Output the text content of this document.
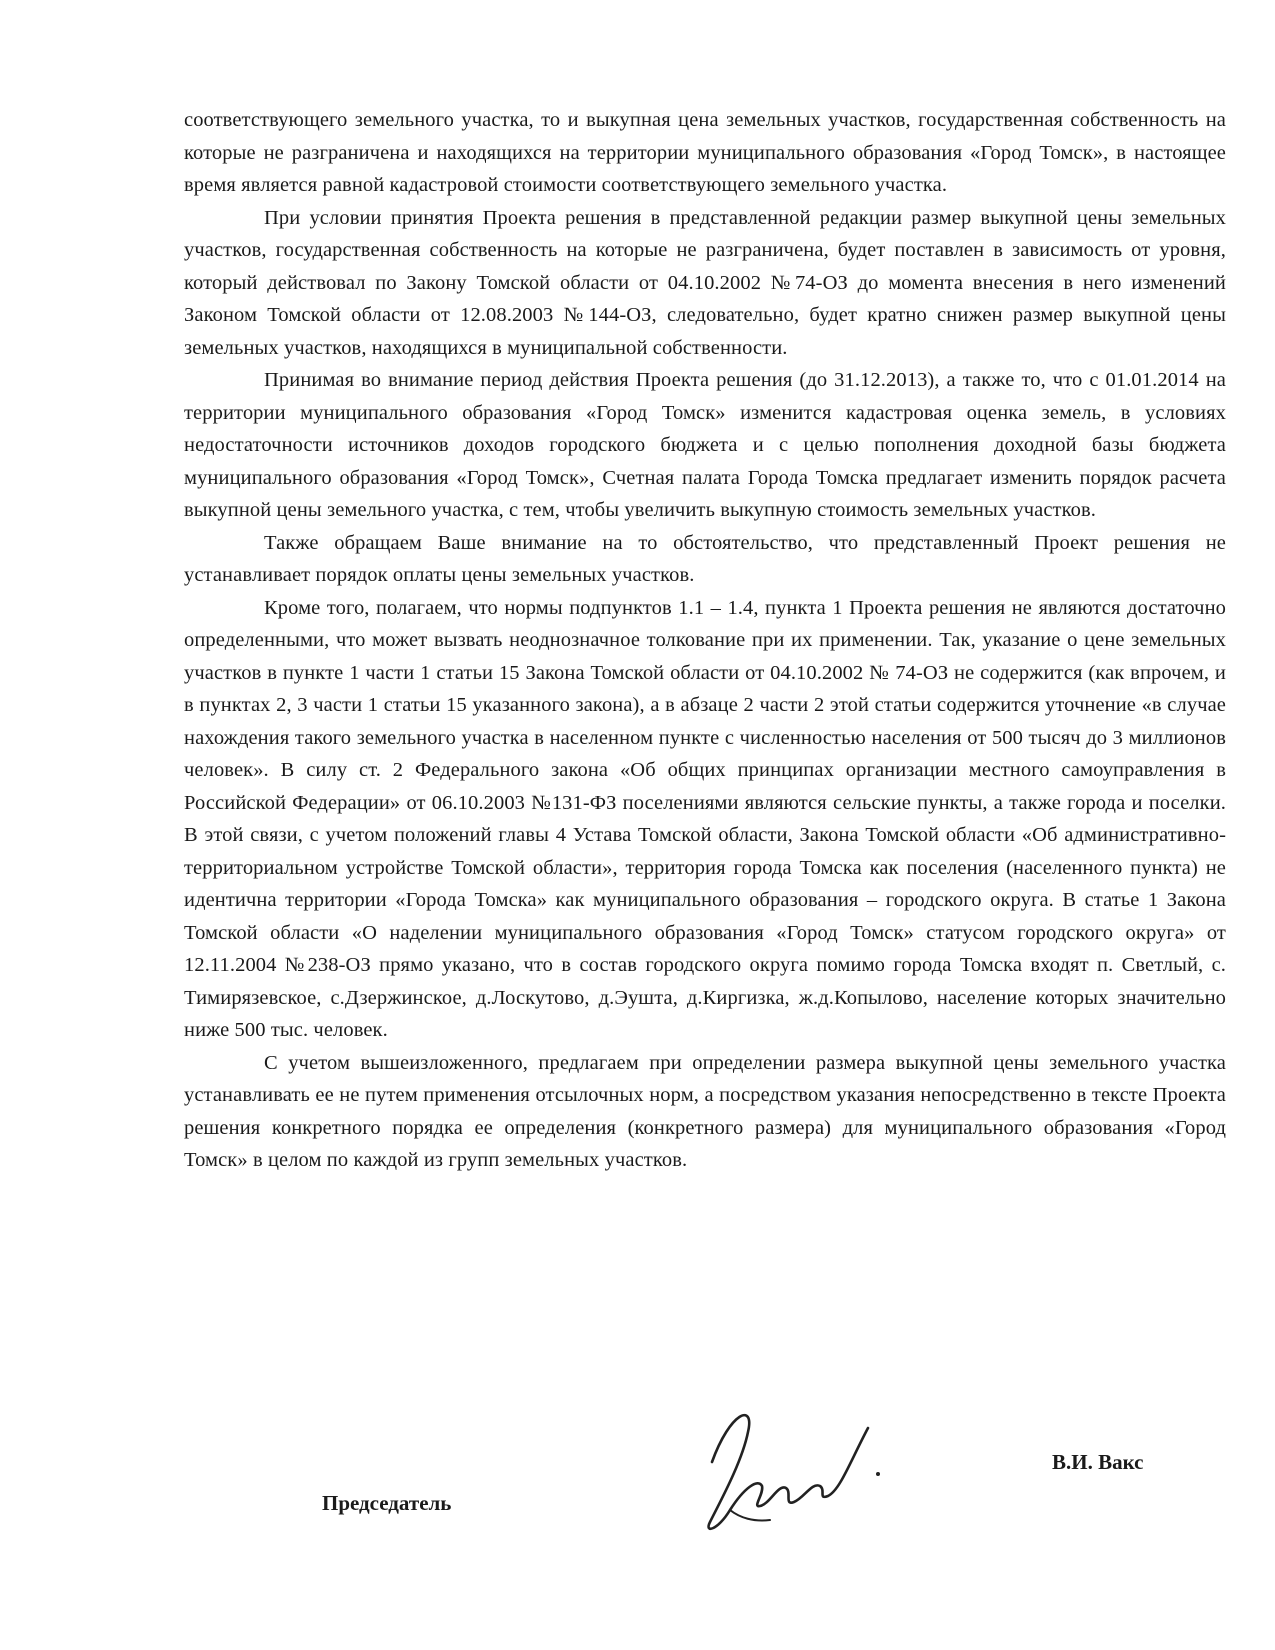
соответствующего земельного участка, то и выкупная цена земельных участков, государственная собственность на которые не разграничена и находящихся на территории муниципального образования «Город Томск», в настоящее время является равной кадастровой стоимости соответствующего земельного участка.

При условии принятия Проекта решения в представленной редакции размер выкупной цены земельных участков, государственная собственность на которые не разграничена, будет поставлен в зависимость от уровня, который действовал по Закону Томской области от 04.10.2002 №74-ОЗ до момента внесения в него изменений Законом Томской области от 12.08.2003 №144-ОЗ, следовательно, будет кратно снижен размер выкупной цены земельных участков, находящихся в муниципальной собственности.

Принимая во внимание период действия Проекта решения (до 31.12.2013), а также то, что с 01.01.2014 на территории муниципального образования «Город Томск» изменится кадастровая оценка земель, в условиях недостаточности источников доходов городского бюджета и с целью пополнения доходной базы бюджета муниципального образования «Город Томск», Счетная палата Города Томска предлагает изменить порядок расчета выкупной цены земельного участка, с тем, чтобы увеличить выкупную стоимость земельных участков.

Также обращаем Ваше внимание на то обстоятельство, что представленный Проект решения не устанавливает порядок оплаты цены земельных участков.

Кроме того, полагаем, что нормы подпунктов 1.1 – 1.4, пункта 1 Проекта решения не являются достаточно определенными, что может вызвать неоднозначное толкование при их применении. Так, указание о цене земельных участков в пункте 1 части 1 статьи 15 Закона Томской области от 04.10.2002 № 74-ОЗ не содержится (как впрочем, и в пунктах 2, 3 части 1 статьи 15 указанного закона), а в абзаце 2 части 2 этой статьи содержится уточнение «в случае нахождения такого земельного участка в населенном пункте с численностью населения от 500 тысяч до 3 миллионов человек». В силу ст. 2 Федерального закона «Об общих принципах организации местного самоуправления в Российской Федерации» от 06.10.2003 №131-ФЗ поселениями являются сельские пункты, а также города и поселки. В этой связи, с учетом положений главы 4 Устава Томской области, Закона Томской области «Об административно-территориальном устройстве Томской области», территория города Томска как поселения (населенного пункта) не идентична территории «Города Томска» как муниципального образования – городского округа. В статье 1 Закона Томской области «О наделении муниципального образования «Город Томск» статусом городского округа» от 12.11.2004 №238-ОЗ прямо указано, что в состав городского округа помимо города Томска входят п. Светлый, с. Тимирязевское, с.Дзержинское, д.Лоскутово, д.Эушта, д.Киргизка, ж.д.Копылово, население которых значительно ниже 500 тыс. человек.

С учетом вышеизложенного, предлагаем при определении размера выкупной цены земельного участка устанавливать ее не путем применения отсылочных норм, а посредством указания непосредственно в тексте Проекта решения конкретного порядка ее определения (конкретного размера) для муниципального образования «Город Томск» в целом по каждой из групп земельных участков.

Председатель
В.И. Вакс
